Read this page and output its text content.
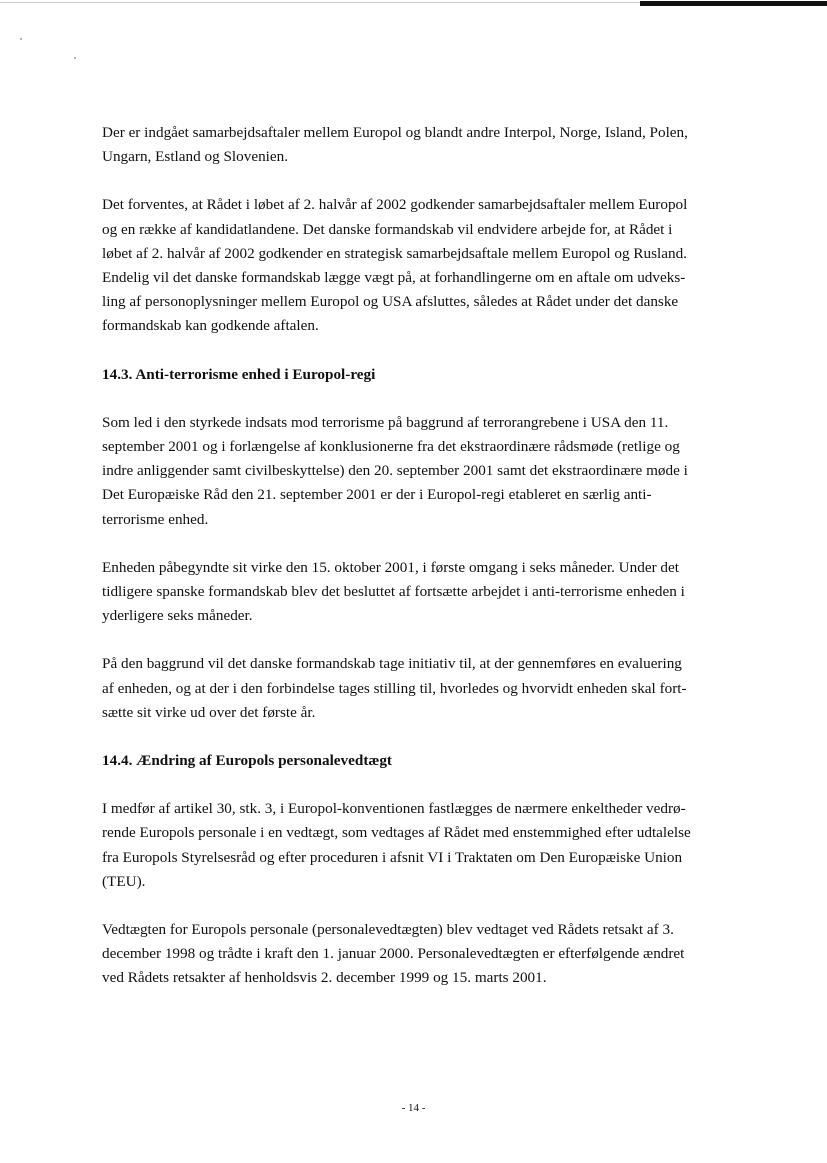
Der er indgået samarbejdsaftaler mellem Europol og blandt andre Interpol, Norge, Island, Polen,
Ungarn, Estland og Slovenien.

Det forventes, at Rådet i løbet af 2. halvår af 2002 godkender samarbejdsaftaler mellem Europol
og en række af kandidatlandene. Det danske formandskab vil endvidere arbejde for, at Rådet i
løbet af 2. halvår af 2002 godkender en strategisk samarbejdsaftale mellem Europol og Rusland.
Endelig vil det danske formandskab lægge vægt på, at forhandlingerne om en aftale om udveks-
ling af personoplysninger mellem Europol og USA afsluttes, således at Rådet under det danske
formandskab kan godkende aftalen.

14.3. Anti-terrorisme enhed i Europol-regi

Som led i den styrkede indsats mod terrorisme på baggrund af terrorangrebene i USA den 11.
september 2001 og i forlængelse af konklusionerne fra det ekstraordinære rådsmøde (retlige og
indre anliggender samt civilbeskyttelse) den 20. september 2001 samt det ekstraordinære møde i
Det Europæiske Råd den 21. september 2001 er der i Europol-regi etableret en særlig anti-
terrorisme enhed.

Enheden påbegyndte sit virke den 15. oktober 2001, i første omgang i seks måneder. Under det
tidligere spanske formandskab blev det besluttet af fortsætte arbejdet i anti-terrorisme enheden i
yderligere seks måneder.

På den baggrund vil det danske formandskab tage initiativ til, at der gennemføres en evaluering
af enheden, og at der i den forbindelse tages stilling til, hvorledes og hvorvidt enheden skal fort-
sætte sit virke ud over det første år.

14.4. Ændring af Europols personalevedtægt

I medfør af artikel 30, stk. 3, i Europol-konventionen fastlægges de nærmere enkeltheder vedrø-
rende Europols personale i en vedtægt, som vedtages af Rådet med enstemmighed efter udtalelse
fra Europols Styrelsesråd og efter proceduren i afsnit VI i Traktaten om Den Europæiske Union
(TEU).

Vedtægten for Europols personale (personalevedtægten) blev vedtaget ved Rådets retsakt af 3.
december 1998 og trådte i kraft den 1. januar 2000. Personalevedtægten er efterfølgende ændret
ved Rådets retsakter af henholdsvis 2. december 1999 og 15. marts 2001.

- 14 -
